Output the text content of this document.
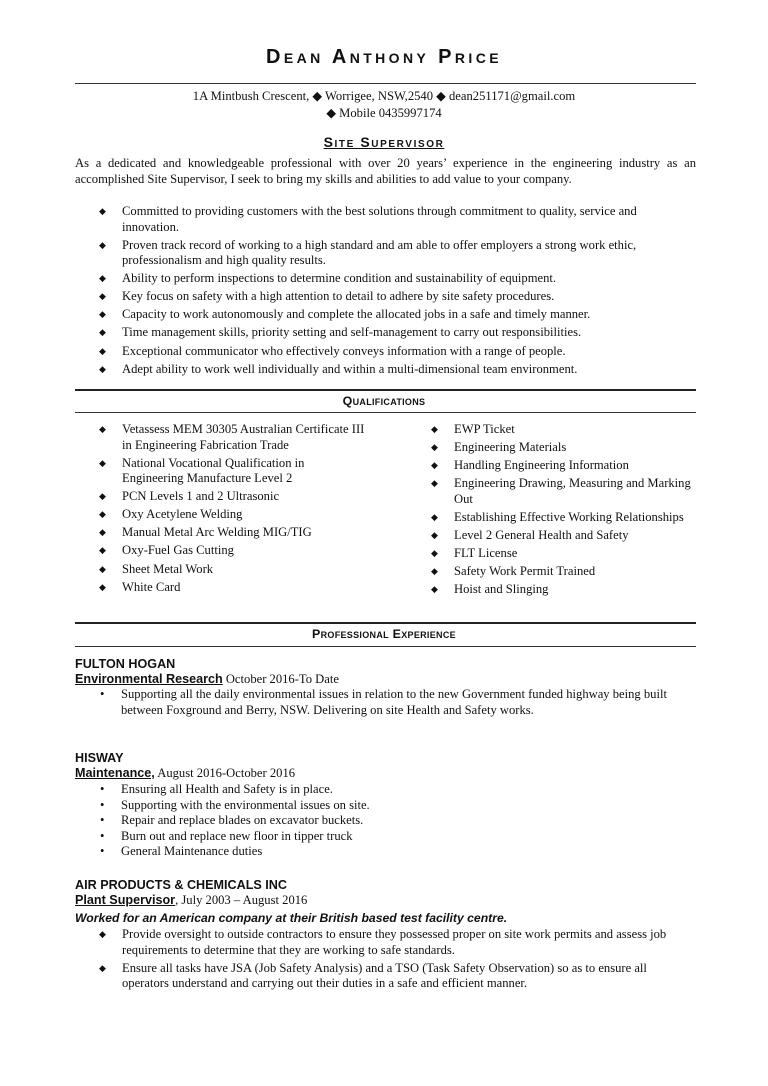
Dean Anthony Price
1A Mintbush Crescent, ◆ Worrigee, NSW,2540 ◆ dean251171@gmail.com
◆ Mobile 0435997174
Site Supervisor
As a dedicated and knowledgeable professional with over 20 years’ experience in the engineering industry as an accomplished Site Supervisor, I seek to bring my skills and abilities to add value to your company.
◆ Committed to providing customers with the best solutions through commitment to quality, service and innovation.
◆ Proven track record of working to a high standard and am able to offer employers a strong work ethic, professionalism and high quality results.
◆ Ability to perform inspections to determine condition and sustainability of equipment.
◆ Key focus on safety with a high attention to detail to adhere by site safety procedures.
◆ Capacity to work autonomously and complete the allocated jobs in a safe and timely manner.
◆ Time management skills, priority setting and self-management to carry out responsibilities.
◆ Exceptional communicator who effectively conveys information with a range of people.
◆ Adept ability to work well individually and within a multi-dimensional team environment.
Qualifications
◆ Vetassess MEM 30305 Australian Certificate III in Engineering Fabrication Trade
◆ National Vocational Qualification in Engineering Manufacture Level 2
◆ PCN Levels 1 and 2 Ultrasonic
◆ Oxy Acetylene Welding
◆ Manual Metal Arc Welding MIG/TIG
◆ Oxy-Fuel Gas Cutting
◆ Sheet Metal Work
◆ White Card
◆ EWP Ticket
◆ Engineering Materials
◆ Handling Engineering Information
◆ Engineering Drawing, Measuring and Marking Out
◆ Establishing Effective Working Relationships
◆ Level 2 General Health and Safety
◆ FLT License
◆ Safety Work Permit Trained
◆ Hoist and Slinging
Professional Experience
FULTON HOGAN
Environmental Research October 2016-To Date
• Supporting all the daily environmental issues in relation to the new Government funded highway being built between Foxground and Berry, NSW. Delivering on site Health and Safety works.
HISWAY
Maintenance, August 2016-October 2016
• Ensuring all Health and Safety is in place.
• Supporting with the environmental issues on site.
• Repair and replace blades on excavator buckets.
• Burn out and replace new floor in tipper truck
• General Maintenance duties
AIR PRODUCTS & CHEMICALS INC
Plant Supervisor, July 2003 – August 2016
Worked for an American company at their British based test facility centre.
◆ Provide oversight to outside contractors to ensure they possessed proper on site work permits and assess job requirements to determine that they are working to safe standards.
◆ Ensure all tasks have JSA (Job Safety Analysis) and a TSO (Task Safety Observation) so as to ensure all operators understand and carrying out their duties in a safe and efficient manner.
